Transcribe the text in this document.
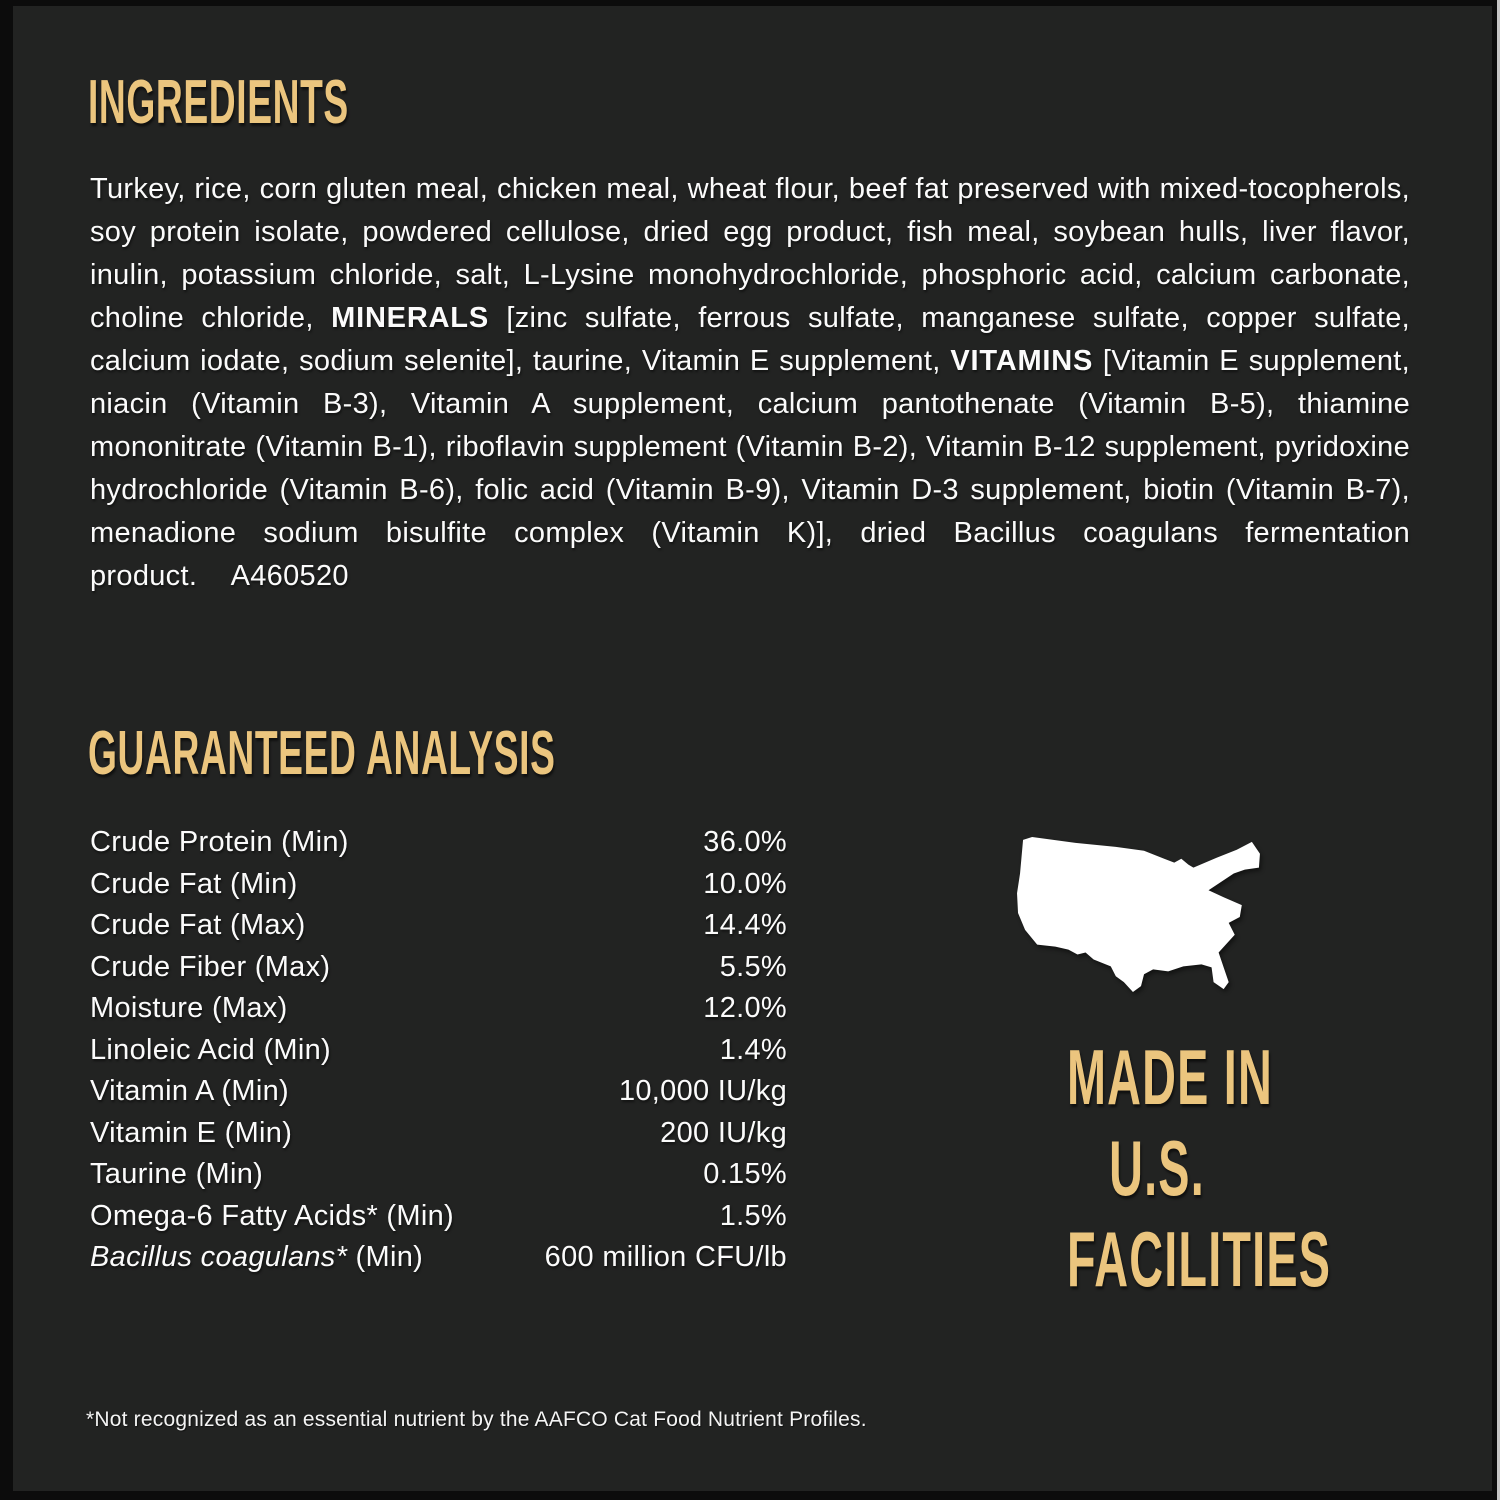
INGREDIENTS
Turkey, rice, corn gluten meal, chicken meal, wheat flour, beef fat preserved with mixed-tocopherols, soy protein isolate, powdered cellulose, dried egg product, fish meal, soybean hulls, liver flavor, inulin, potassium chloride, salt, L-Lysine monohydrochloride, phosphoric acid, calcium carbonate, choline chloride, MINERALS [zinc sulfate, ferrous sulfate, manganese sulfate, copper sulfate, calcium iodate, sodium selenite], taurine, Vitamin E supplement, VITAMINS [Vitamin E supplement, niacin (Vitamin B-3), Vitamin A supplement, calcium pantothenate (Vitamin B-5), thiamine mononitrate (Vitamin B-1), riboflavin supplement (Vitamin B-2), Vitamin B-12 supplement, pyridoxine hydrochloride (Vitamin B-6), folic acid (Vitamin B-9), Vitamin D-3 supplement, biotin (Vitamin B-7), menadione sodium bisulfite complex (Vitamin K)], dried Bacillus coagulans fermentation product.    A460520
GUARANTEED ANALYSIS
Crude Protein (Min)	36.0%
Crude Fat (Min)	10.0%
Crude Fat (Max)	14.4%
Crude Fiber (Max)	5.5%
Moisture (Max)	12.0%
Linoleic Acid (Min)	1.4%
Vitamin A (Min)	10,000 IU/kg
Vitamin E (Min)	200 IU/kg
Taurine (Min)	0.15%
Omega-6 Fatty Acids* (Min)	1.5%
Bacillus coagulans* (Min)	600 million CFU/lb
MADE IN
U.S.
FACILITIES
*Not recognized as an essential nutrient by the AAFCO Cat Food Nutrient Profiles.
